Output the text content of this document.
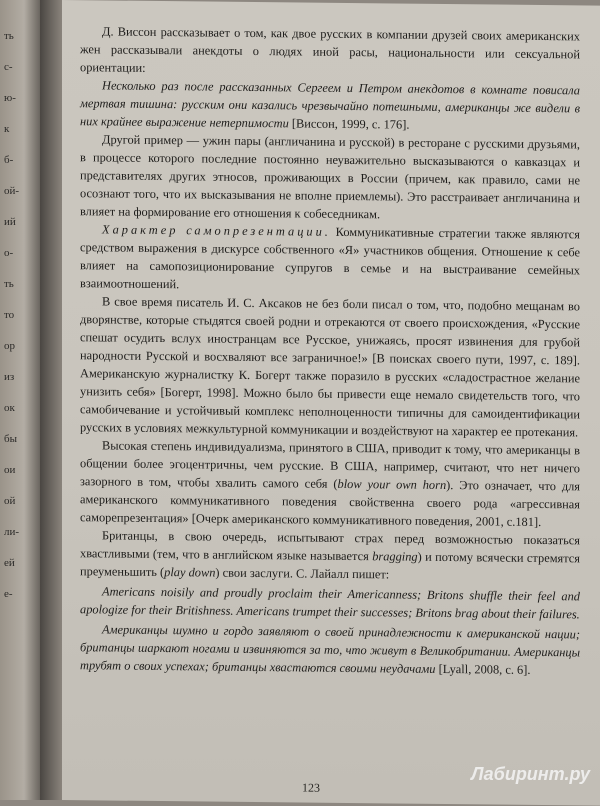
ть
с-
ю-
к
б-
ой-
ий
о-
ть
то
ор
из
ок
бы
ои
ой
ли-
ей
е-

Д. Виссон рассказывает о том, как двое русских в компании друзей своих американских жен рассказывали анекдоты о людях иной расы, национальности или сексуальной ориентации:

Несколько раз после рассказанных Сергеем и Петром анекдотов в комнате повисала мертвая тишина: русским они казались чрезвычайно потешными, американцы же видели в них крайнее выражение нетерпимости [Виссон, 1999, с. 176].

Другой пример — ужин пары (англичанина и русской) в ресторане с русскими друзьями, в процессе которого последние постоянно неуважительно высказываются о кавказцах и представителях других этносов, проживающих в России (причем, как правило, сами не осознают того, что их высказывания не вполне приемлемы). Это расстраивает англичанина и влияет на формирование его отношения к собеседникам.

Характер самопрезентации. Коммуникативные стратегии также являются средством выражения в дискурсе собственного «Я» участников общения. Отношение к себе влияет на самопозиционирование супругов в семье и на выстраивание семейных взаимоотношений.

В свое время писатель И. С. Аксаков не без боли писал о том, что, подобно мещанам во дворянстве, которые стыдятся своей родни и отрекаются от своего происхождения, «Русские спешат осудить вслух иностранцам все Русское, унижаясь, просят извинения для грубой народности Русской и восхваляют все заграничное!» [В поисках своего пути, 1997, с. 189]. Американскую журналистку К. Богерт также поразило в русских «сладострастное желание унизить себя» [Богерт, 1998]. Можно было бы привести еще немало свидетельств того, что самобичевание и устойчивый комплекс неполноценности типичны для самоидентификации русских в условиях межкультурной коммуникации и воздействуют на характер ее протекания.

Высокая степень индивидуализма, принятого в США, приводит к тому, что американцы в общении более эгоцентричны, чем русские. В США, например, считают, что нет ничего зазорного в том, чтобы хвалить самого себя (blow your own horn). Это означает, что для американского коммуникативного поведения свойственна своего рода «агрессивная саморепрезентация» [Очерк американского коммуникативного поведения, 2001, с.181].

Британцы, в свою очередь, испытывают страх перед возможностью показаться хвастливыми (тем, что в английском языке называется bragging) и потому всячески стремятся преуменьшить (play down) свои заслуги. С. Лайалл пишет:

Americans noisily and proudly proclaim their Americanness; Britons shuffle their feel and apologize for their Britishness. Americans trumpet their successes; Britons brag about their failures.

Американцы шумно и гордо заявляют о своей принадлежности к американской нации; британцы шаркают ногами и извиняются за то, что живут в Великобритании. Американцы трубят о своих успехах; британцы хвастаются своими неудачами [Lyall, 2008, с. 6].

123
Лабиринт.ру
